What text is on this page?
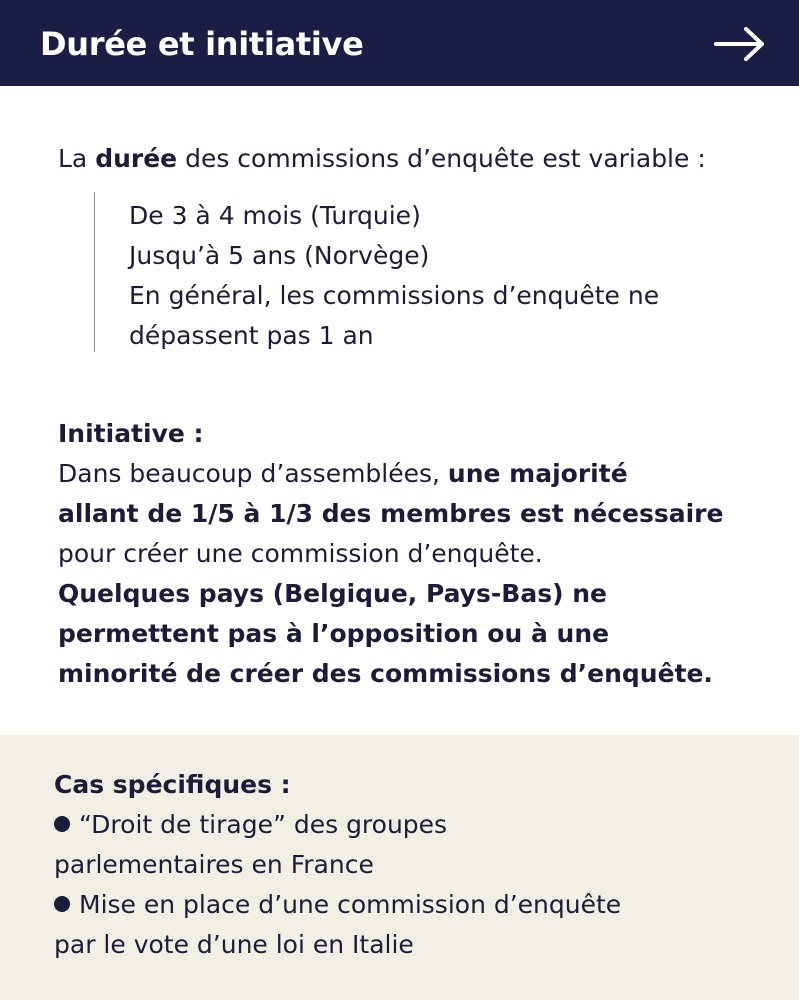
Durée et initiative
La durée des commissions d’enquête est variable :
De 3 à 4 mois (Turquie)
Jusqu’à 5 ans (Norvège)
En général, les commissions d’enquête ne
dépassent pas 1 an
Initiative :
Dans beaucoup d’assemblées, une majorité
allant de 1/5 à 1/3 des membres est nécessaire
pour créer une commission d’enquête.
Quelques pays (Belgique, Pays-Bas) ne
permettent pas à l’opposition ou à une
minorité de créer des commissions d’enquête.
Cas spécifiques :
“Droit de tirage” des groupes
parlementaires en France
Mise en place d’une commission d’enquête
par le vote d’une loi en Italie
